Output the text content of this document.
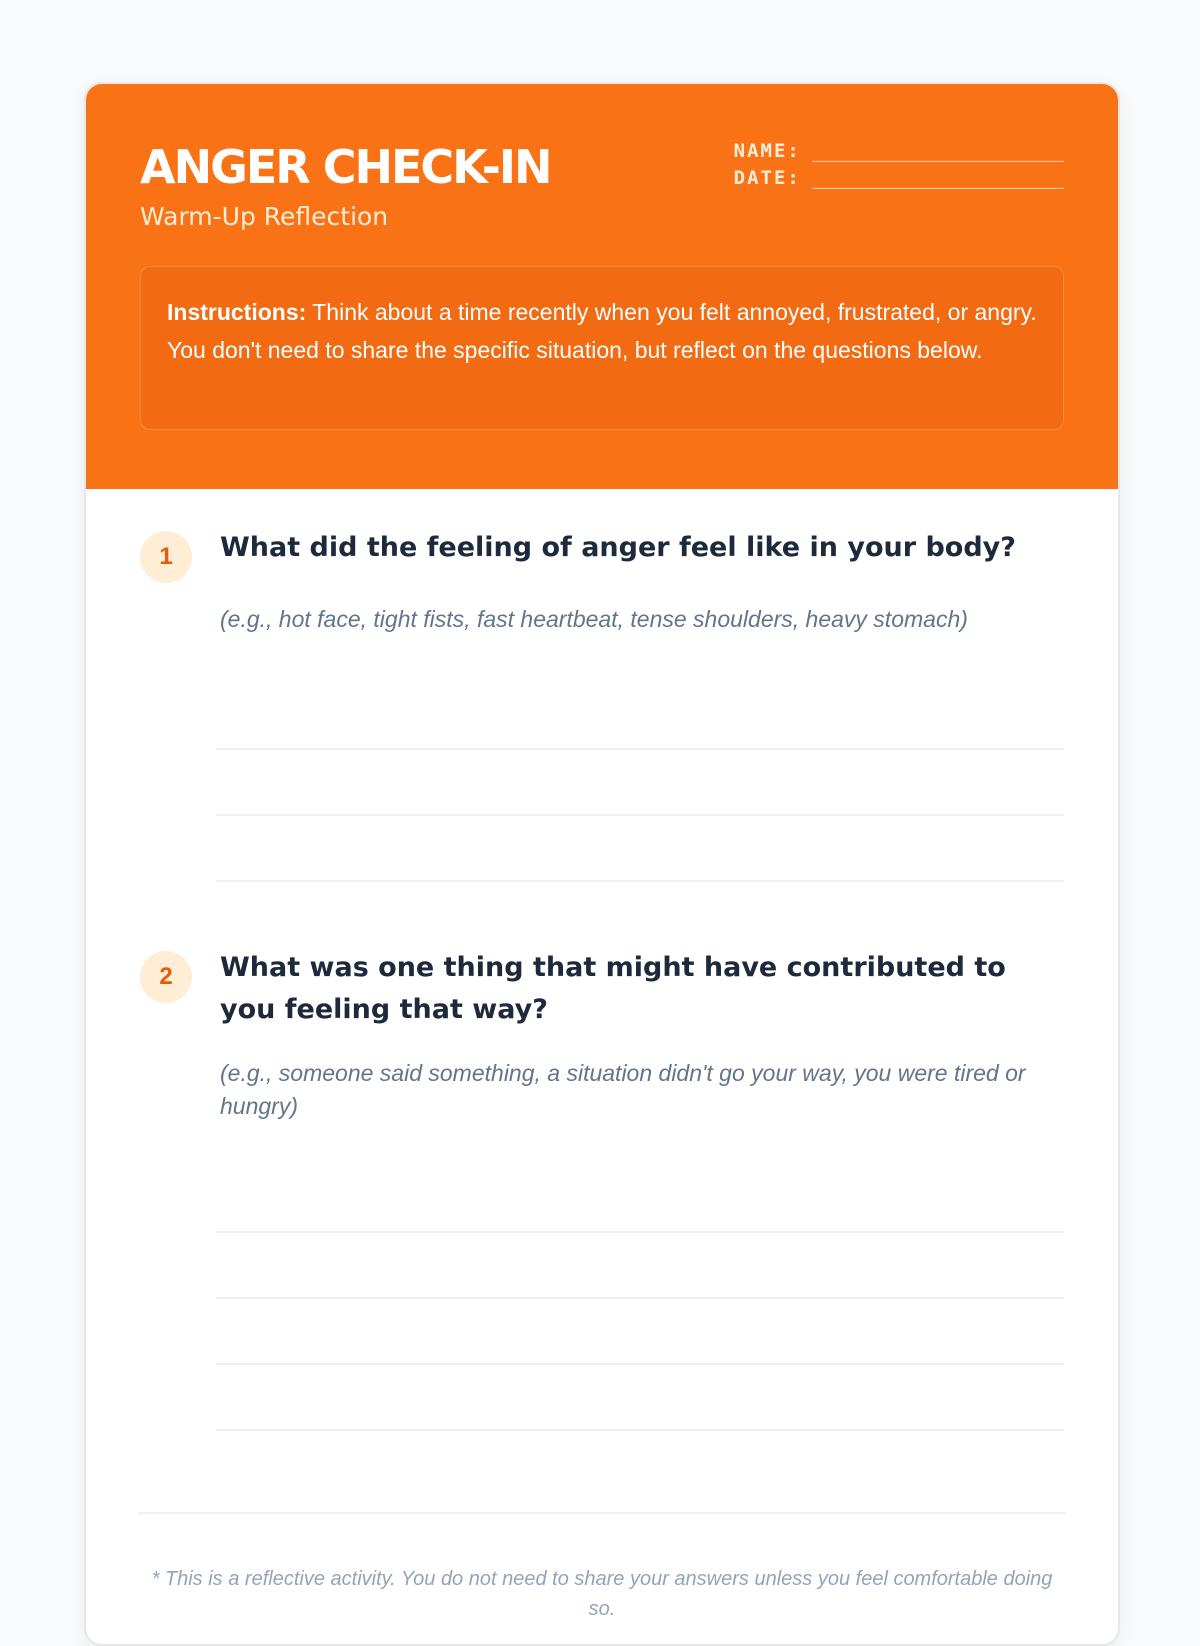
ANGER CHECK-IN
Warm-Up Reflection
NAME: ______________________
DATE: ______________________
Instructions: Think about a time recently when you felt annoyed, frustrated, or angry. You don't need to share the specific situation, but reflect on the questions below.
1	What did the feeling of anger feel like in your body?
(e.g., hot face, tight fists, fast heartbeat, tense shoulders, heavy stomach)
2	What was one thing that might have contributed to you feeling that way?
(e.g., someone said something, a situation didn't go your way, you were tired or hungry)
* This is a reflective activity. You do not need to share your answers unless you feel comfortable doing so.
